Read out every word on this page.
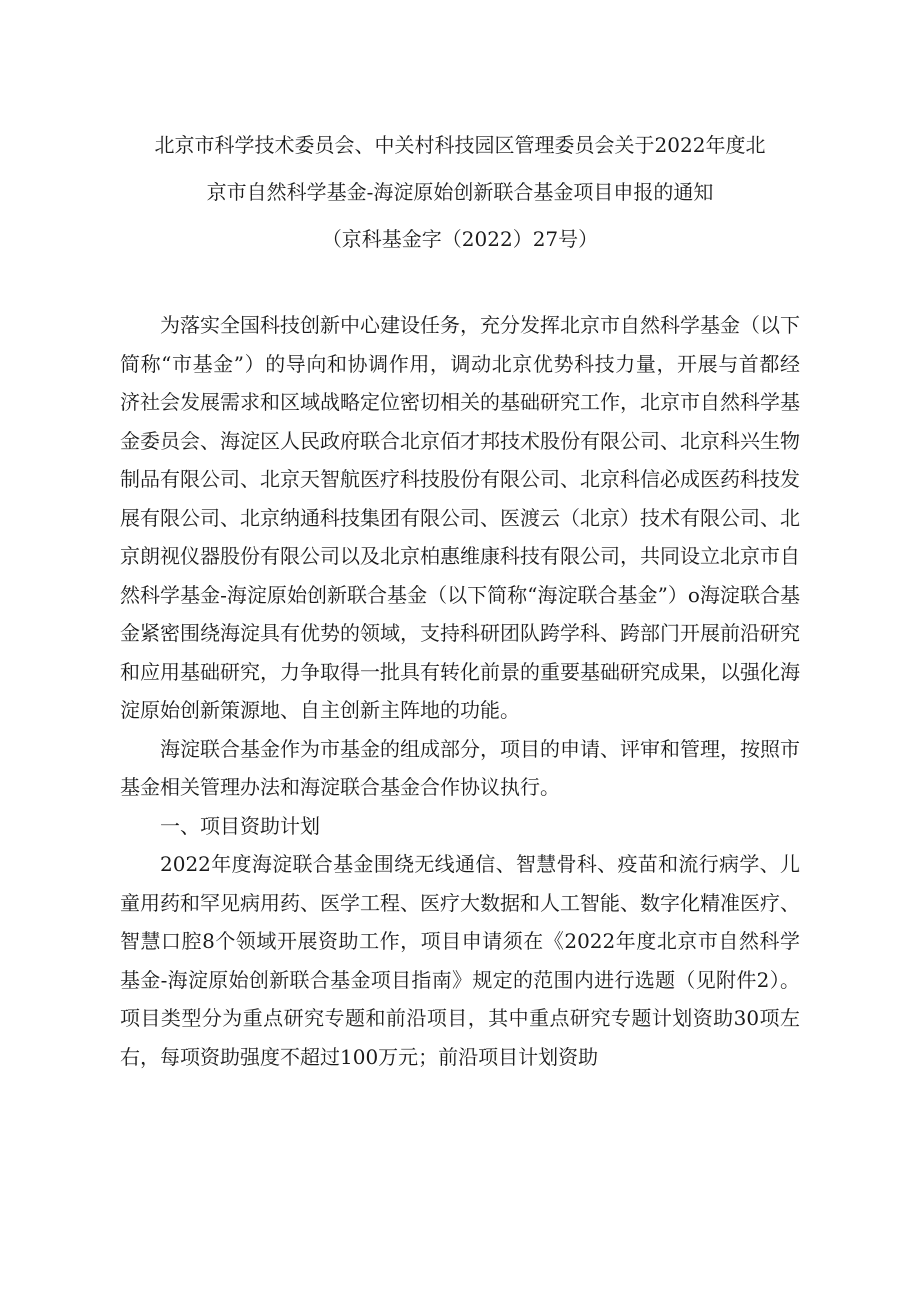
北京市科学技术委员会、中关村科技园区管理委员会关于2022年度北

京市自然科学基金-海淀原始创新联合基金项目申报的通知

（京科基金字（2022）27号）

为落实全国科技创新中心建设任务，充分发挥北京市自然科学基金（以下简称“市基金”）的导向和协调作用，调动北京优势科技力量，开展与首都经济社会发展需求和区域战略定位密切相关的基础研究工作，北京市自然科学基金委员会、海淀区人民政府联合北京佰才邦技术股份有限公司、北京科兴生物制品有限公司、北京天智航医疗科技股份有限公司、北京科信必成医药科技发展有限公司、北京纳通科技集团有限公司、医渡云（北京）技术有限公司、北京朗视仪器股份有限公司以及北京柏惠维康科技有限公司，共同设立北京市自然科学基金-海淀原始创新联合基金（以下简称“海淀联合基金”）o海淀联合基金紧密围绕海淀具有优势的领域，支持科研团队跨学科、跨部门开展前沿研究和应用基础研究，力争取得一批具有转化前景的重要基础研究成果，以强化海淀原始创新策源地、自主创新主阵地的功能。

海淀联合基金作为市基金的组成部分，项目的申请、评审和管理，按照市基金相关管理办法和海淀联合基金合作协议执行。

一、项目资助计划

2022年度海淀联合基金围绕无线通信、智慧骨科、疫苗和流行病学、儿童用药和罕见病用药、医学工程、医疗大数据和人工智能、数字化精准医疗、智慧口腔8个领域开展资助工作，项目申请须在《2022年度北京市自然科学基金-海淀原始创新联合基金项目指南》规定的范围内进行选题（见附件2）。项目类型分为重点研究专题和前沿项目，其中重点研究专题计划资助30项左右，每项资助强度不超过100万元；前沿项目计划资助
